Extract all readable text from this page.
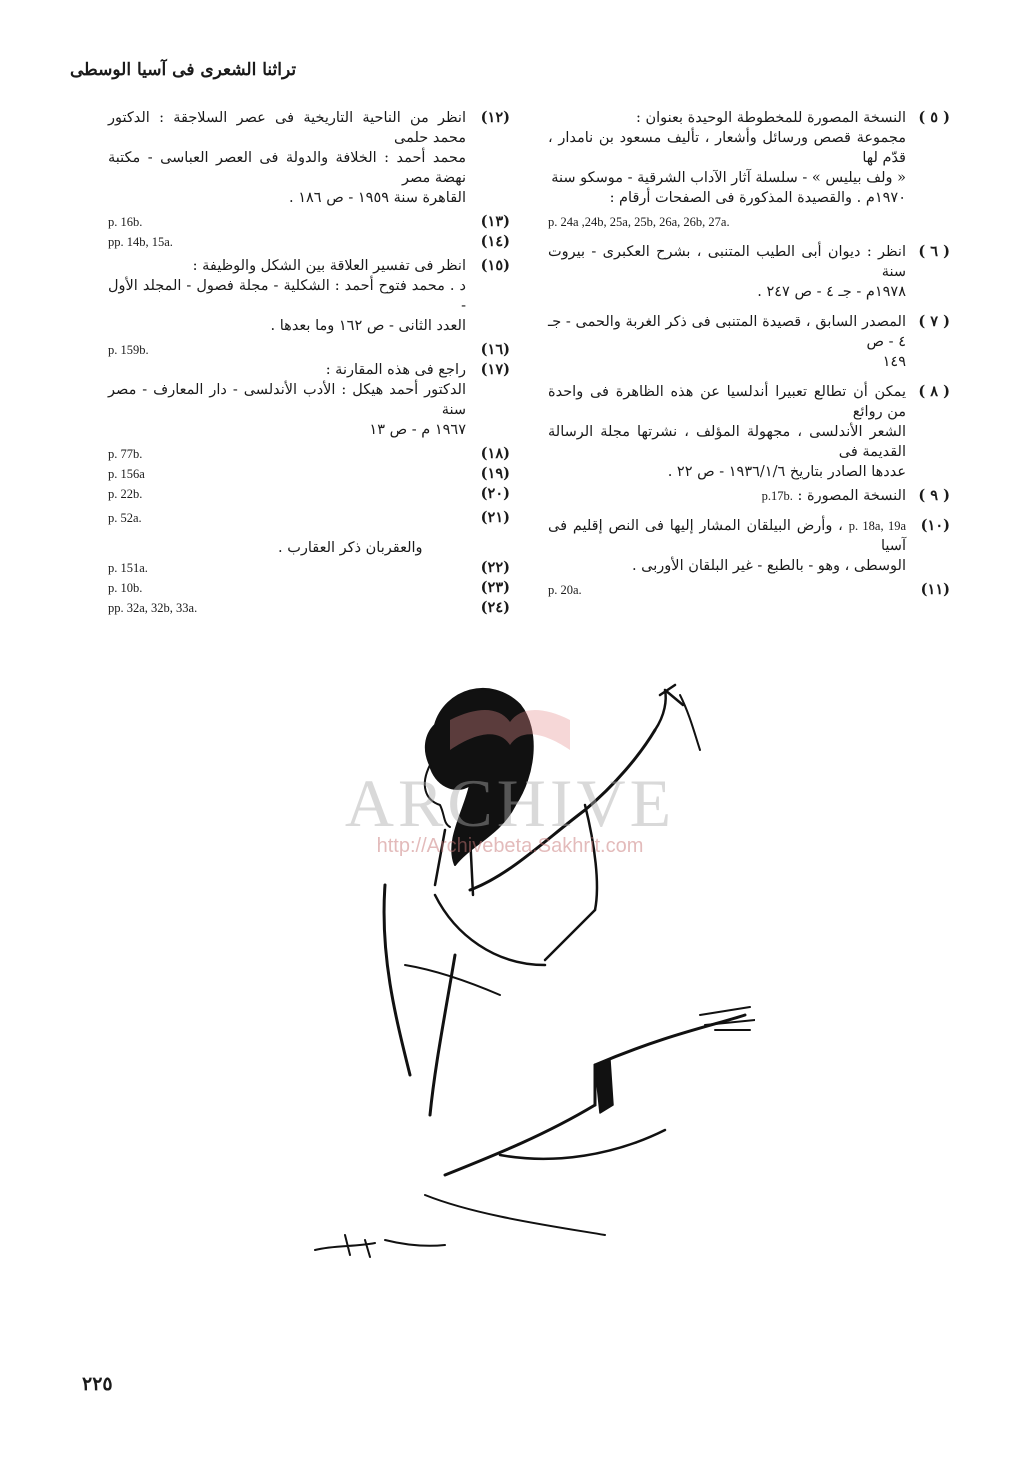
تراثنا الشعرى فى آسيا الوسطى
( ٥ )
النسخة المصورة للمخطوطة الوحيدة بعنوان :
مجموعة قصص ورسائل وأشعار ، تأليف مسعود بن نامدار ، قدّم لها
« ولف بيليس » - سلسلة آثار الآداب الشرقية - موسكو سنة
١٩٧٠م . والقصيدة المذكورة فى الصفحات أرقام :
p. 24a ,24b, 25a, 25b, 26a, 26b, 27a.
( ٦ )
انظر : ديوان أبى الطيب المتنبى ، بشرح العكبرى - بيروت سنة
١٩٧٨م - جـ ٤ - ص ٢٤٧ .
( ٧ )
المصدر السابق ، قصيدة المتنبى فى ذكر الغربة والحمى - جـ ٤ - ص
١٤٩
( ٨ )
يمكن أن تطالع تعبيرا أندلسيا عن هذه الظاهرة فى واحدة من روائع
الشعر الأندلسى ، مجهولة المؤلف ، نشرتها مجلة الرسالة القديمة فى
عددها الصادر بتاريخ ١٩٣٦/١/٦ - ص ٢٢ .
( ٩ )
النسخة المصورة : p.17b.
(١٠)
p. 18a, 19a ، وأرض البيلقان المشار إليها فى النص إقليم فى آسيا
الوسطى ، وهو - بالطبع - غير البلقان الأوربى .
(١١)
p. 20a.
(١٢)
انظر من الناحية التاريخية فى عصر السلاجقة : الدكتور محمد حلمى
محمد أحمد : الخلافة والدولة فى العصر العباسى - مكتبة نهضة مصر
القاهرة سنة ١٩٥٩ - ص ١٨٦ .
(١٣)
p. 16b.
(١٤)
pp. 14b, 15a.
(١٥)
انظر فى تفسير العلاقة بين الشكل والوظيفة :
د . محمد فتوح أحمد : الشكلية - مجلة فصول - المجلد الأول -
العدد الثانى - ص ١٦٢ وما بعدها .
(١٦)
p. 159b.
(١٧)
راجع فى هذه المقارنة :
الدكتور أحمد هيكل : الأدب الأندلسى - دار المعارف - مصر سنة
١٩٦٧ م - ص ١٣
(١٨)
p. 77b.
(١٩)
p. 156a
(٢٠)
p. 22b.
(٢١)
p. 52a.
والعقربان ذكر العقارب .
(٢٢)
p. 151a.
(٢٣)
p. 10b.
(٢٤)
pp. 32a, 32b, 33a.
ARCHIVE
http://Archivebeta.Sakhrit.com
٢٢٥
